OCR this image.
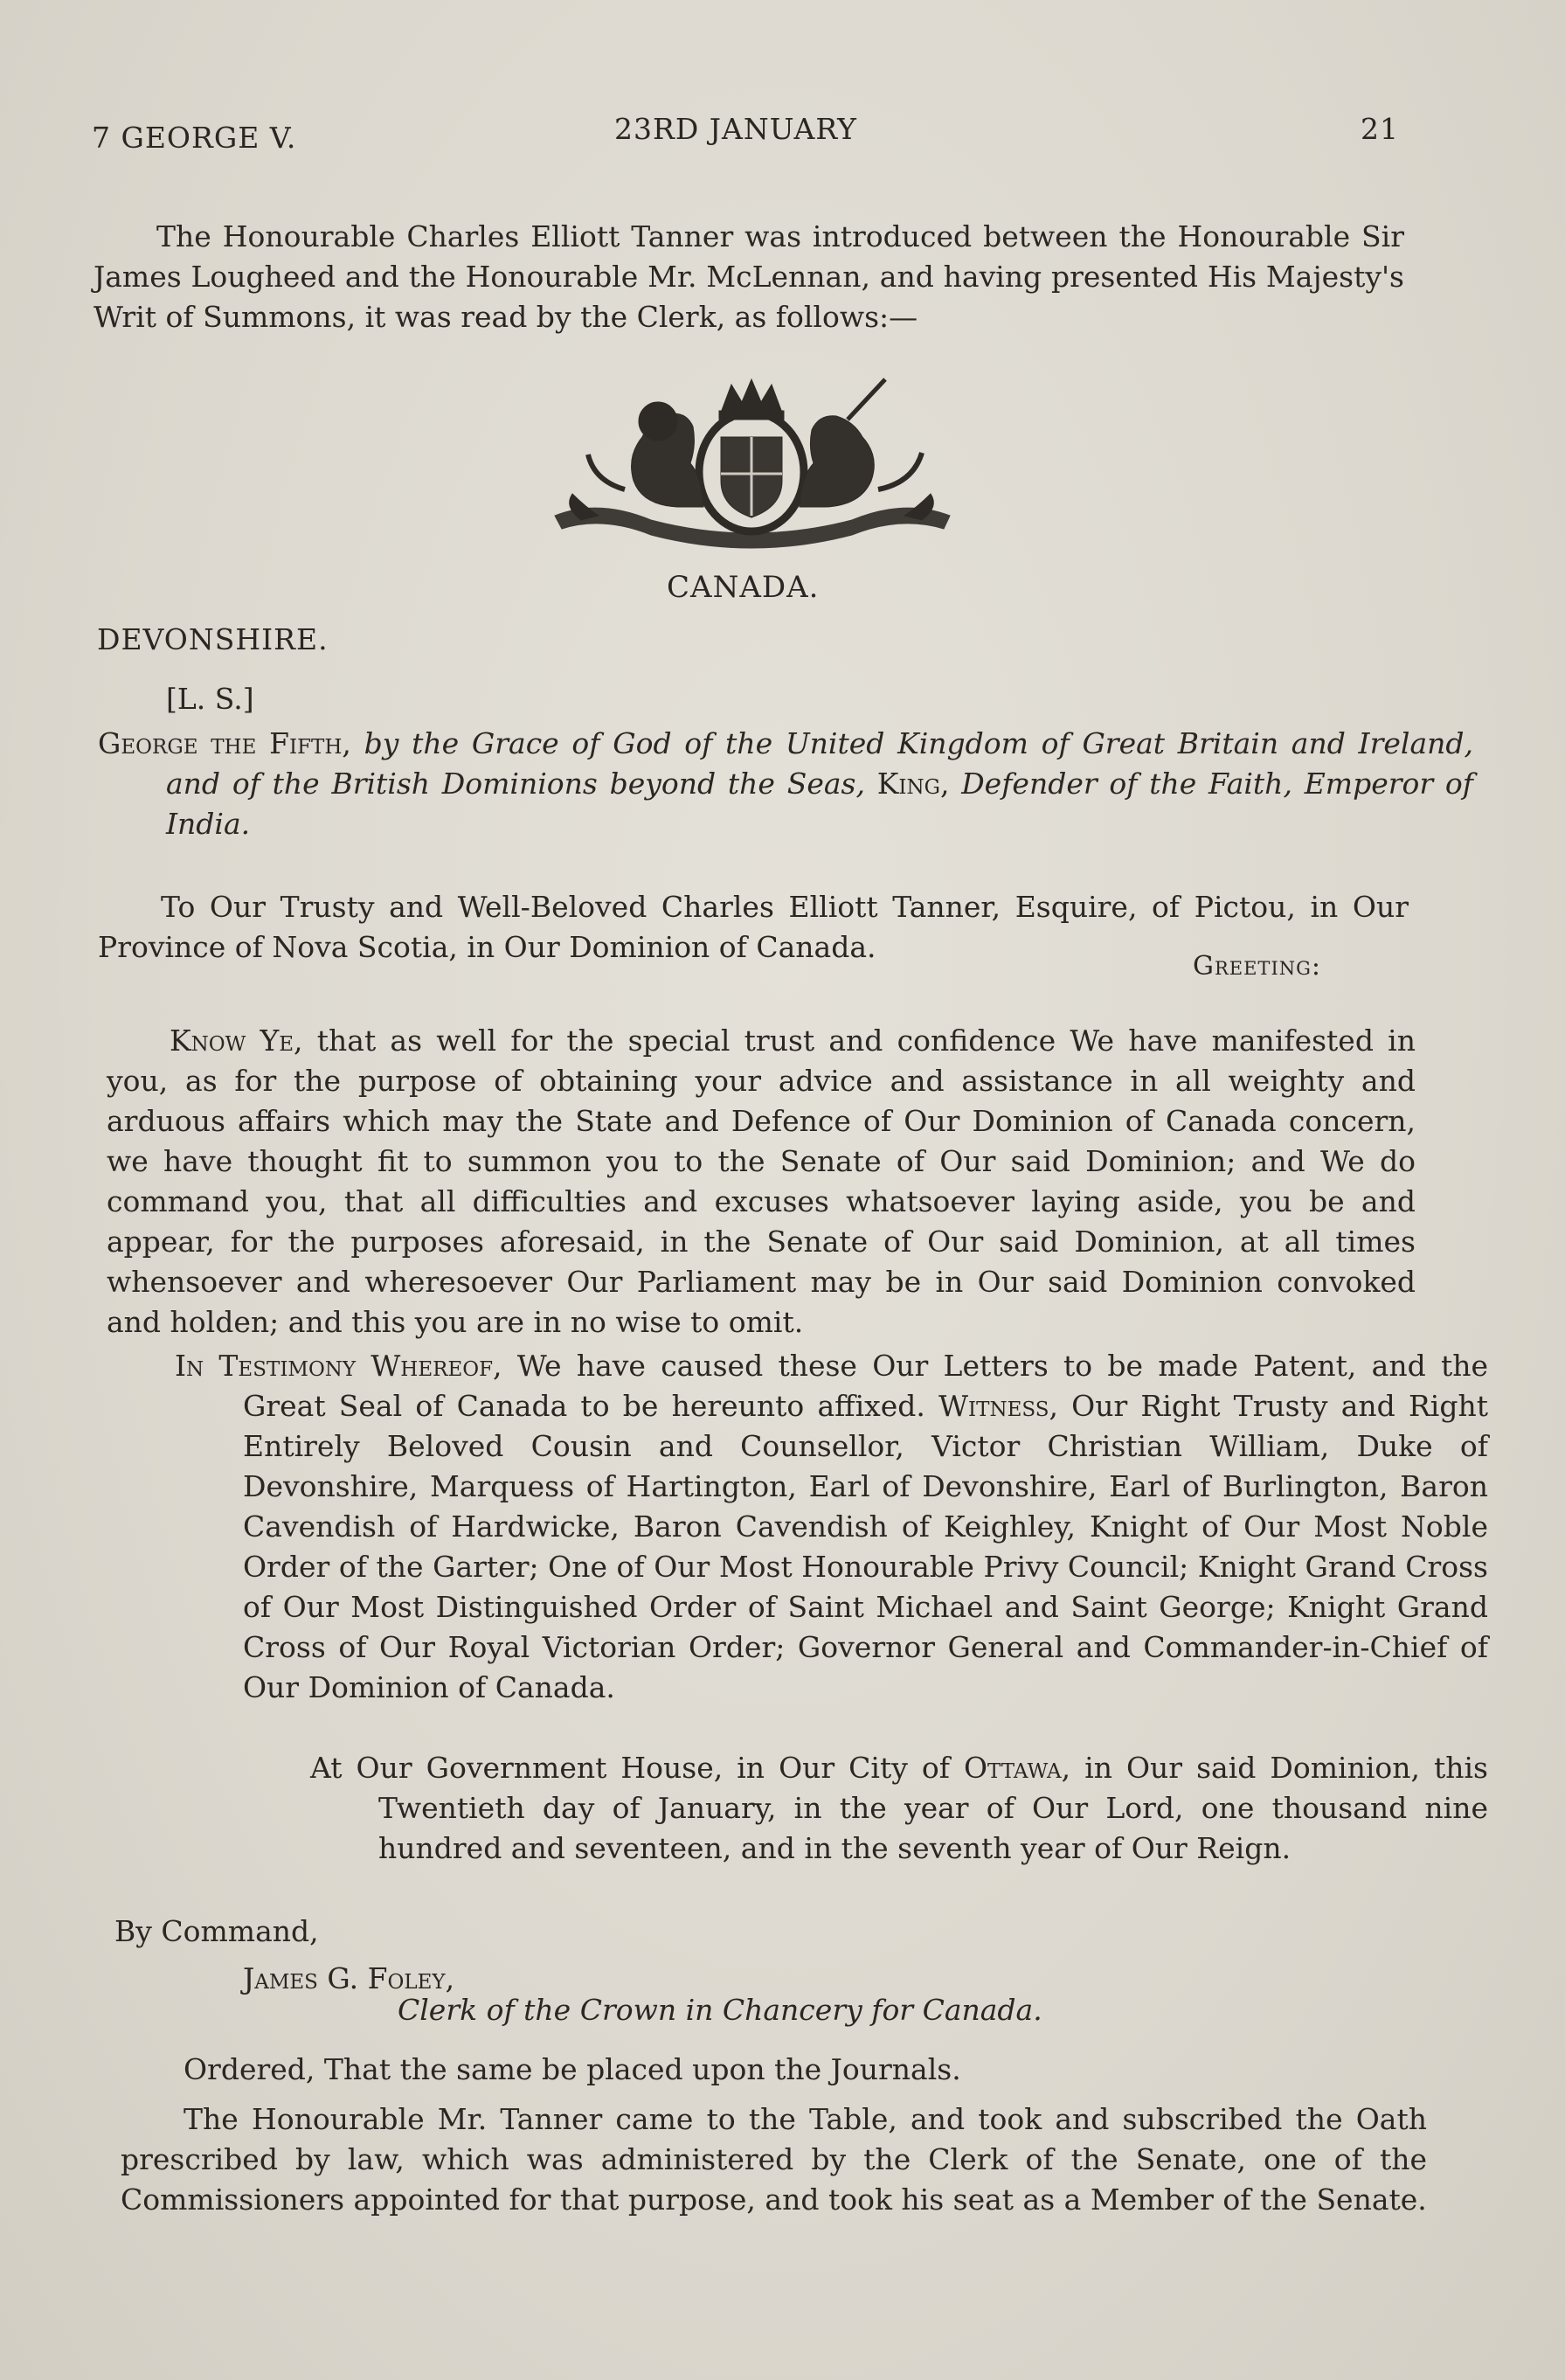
7 GEORGE V.	23RD JANUARY	21
The Honourable Charles Elliott Tanner was introduced between the Honourable Sir James Lougheed and the Honourable Mr. McLennan, and having presented His Majesty's Writ of Summons, it was read by the Clerk, as follows:—
CANADA.
DEVONSHIRE.
[L. S.]
George the Fifth, by the Grace of God of the United Kingdom of Great Britain and Ireland, and of the British Dominions beyond the Seas, King, Defender of the Faith, Emperor of India.
To Our Trusty and Well-Beloved Charles Elliott Tanner, Esquire, of Pictou, in Our Province of Nova Scotia, in Our Dominion of Canada.
Greeting:
Know Ye, that as well for the special trust and confidence We have manifested in you, as for the purpose of obtaining your advice and assistance in all weighty and arduous affairs which may the State and Defence of Our Dominion of Canada concern, we have thought fit to summon you to the Senate of Our said Dominion; and We do command you, that all difficulties and excuses whatsoever laying aside, you be and appear, for the purposes aforesaid, in the Senate of Our said Dominion, at all times whensoever and wheresoever Our Parliament may be in Our said Dominion convoked and holden; and this you are in no wise to omit.
In Testimony Whereof, We have caused these Our Letters to be made Patent, and the Great Seal of Canada to be hereunto affixed. Witness, Our Right Trusty and Right Entirely Beloved Cousin and Counsellor, Victor Christian William, Duke of Devonshire, Marquess of Hartington, Earl of Devonshire, Earl of Burlington, Baron Cavendish of Hardwicke, Baron Cavendish of Keighley, Knight of Our Most Noble Order of the Garter; One of Our Most Honourable Privy Council; Knight Grand Cross of Our Most Distinguished Order of Saint Michael and Saint George; Knight Grand Cross of Our Royal Victorian Order; Governor General and Commander-in-Chief of Our Dominion of Canada.
At Our Government House, in Our City of Ottawa, in Our said Dominion, this Twentieth day of January, in the year of Our Lord, one thousand nine hundred and seventeen, and in the seventh year of Our Reign.
By Command,
James G. Foley,
Clerk of the Crown in Chancery for Canada.
Ordered, That the same be placed upon the Journals.
The Honourable Mr. Tanner came to the Table, and took and subscribed the Oath prescribed by law, which was administered by the Clerk of the Senate, one of the Commissioners appointed for that purpose, and took his seat as a Member of the Senate.
